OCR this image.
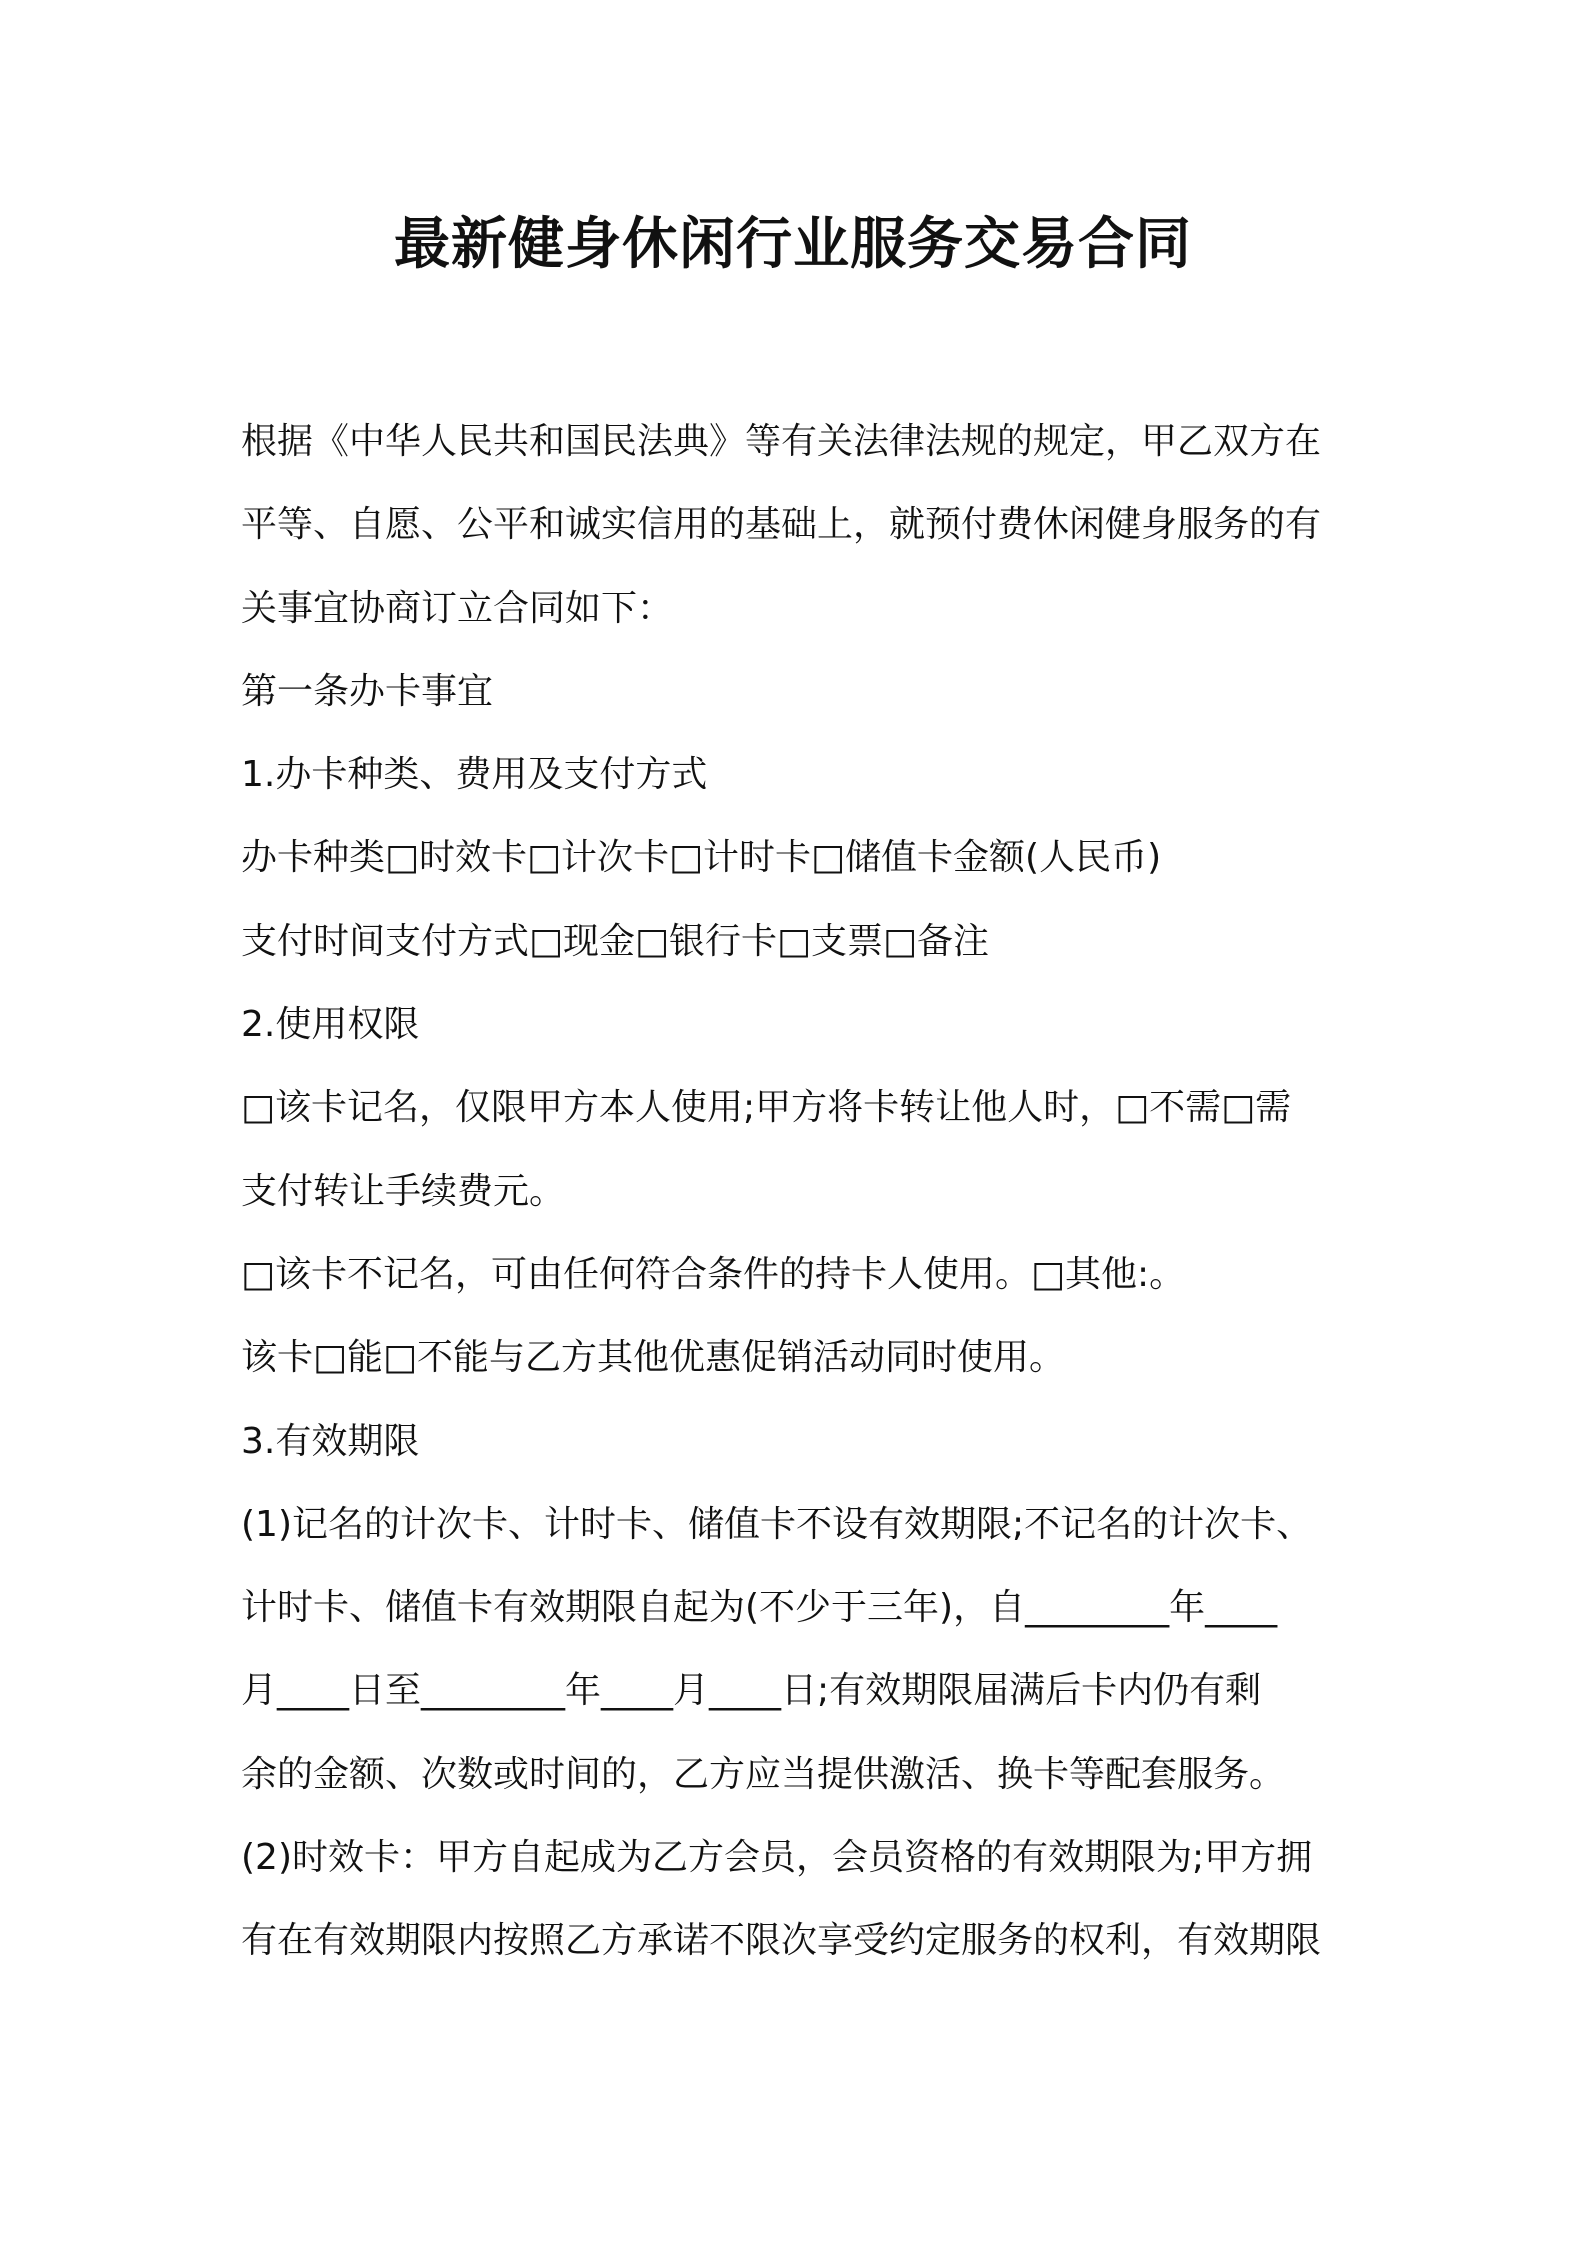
最新健身休闲行业服务交易合同
根据《中华人民共和国民法典》等有关法律法规的规定，甲乙双方在
平等、自愿、公平和诚实信用的基础上，就预付费休闲健身服务的有
关事宜协商订立合同如下：
第一条办卡事宜
1.办卡种类、费用及支付方式
办卡种类□时效卡□计次卡□计时卡□储值卡金额(人民币)
支付时间支付方式□现金□银行卡□支票□备注
2.使用权限
□该卡记名，仅限甲方本人使用;甲方将卡转让他人时，□不需□需
支付转让手续费元。
□该卡不记名，可由任何符合条件的持卡人使用。□其他:。
该卡□能□不能与乙方其他优惠促销活动同时使用。
3.有效期限
(1)记名的计次卡、计时卡、储值卡不设有效期限;不记名的计次卡、
计时卡、储值卡有效期限自起为(不少于三年)，自________年____
月____日至________年____月____日;有效期限届满后卡内仍有剩
余的金额、次数或时间的，乙方应当提供激活、换卡等配套服务。
(2)时效卡：甲方自起成为乙方会员，会员资格的有效期限为;甲方拥
有在有效期限内按照乙方承诺不限次享受约定服务的权利，有效期限
